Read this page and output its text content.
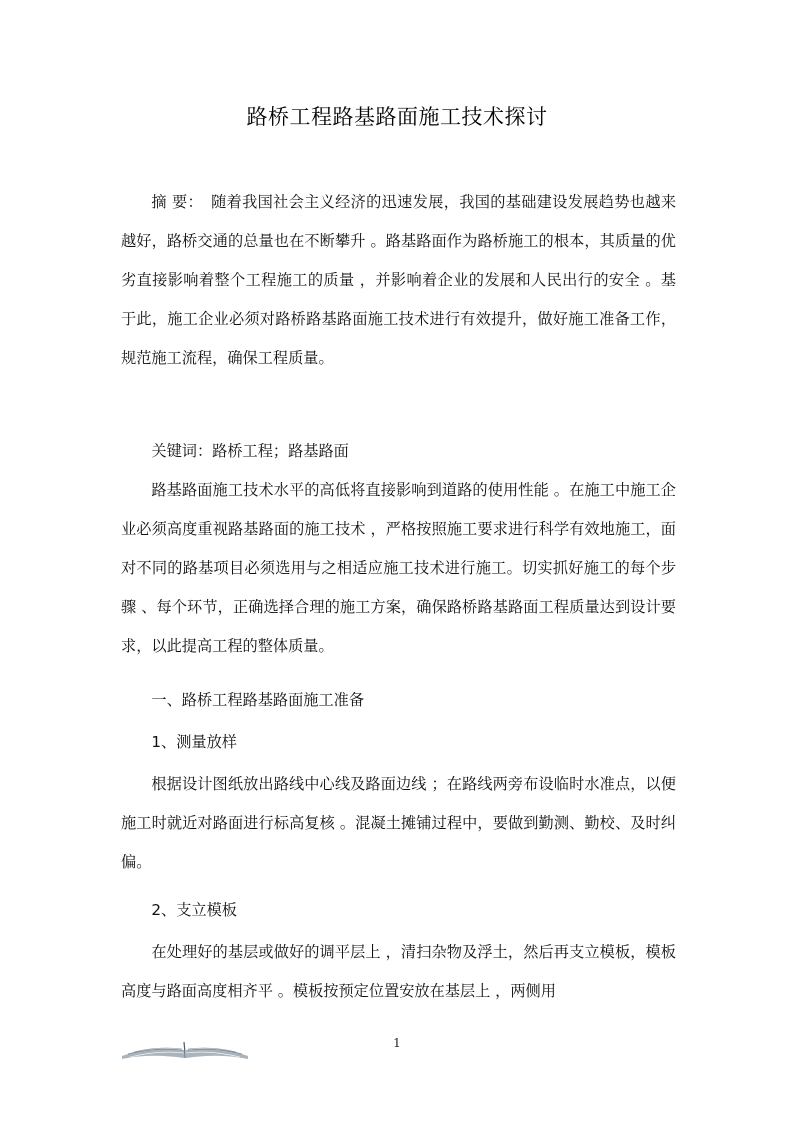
路桥工程路基路面施工技术探讨

摘 要： 随着我国社会主义经济的迅速发展，我国的基础建设发展趋势也越来越好，路桥交通的总量也在不断攀升 。路基路面作为路桥施工的根本，其质量的优劣直接影响着整个工程施工的质量 ，并影响着企业的发展和人民出行的安全 。基于此，施工企业必须对路桥路基路面施工技术进行有效提升，做好施工准备工作，规范施工流程，确保工程质量。

关键词：路桥工程；路基路面

路基路面施工技术水平的高低将直接影响到道路的使用性能 。在施工中施工企业必须高度重视路基路面的施工技术 ，严格按照施工要求进行科学有效地施工，面对不同的路基项目必须选用与之相适应施工技术进行施工。切实抓好施工的每个步骤 、每个环节，正确选择合理的施工方案，确保路桥路基路面工程质量达到设计要求，以此提高工程的整体质量。

一、路桥工程路基路面施工准备

1、测量放样

根据设计图纸放出路线中心线及路面边线 ；在路线两旁布设临时水准点，以便施工时就近对路面进行标高复核 。混凝土摊铺过程中，要做到勤测、勤校、及时纠偏。

2、支立模板

在处理好的基层或做好的调平层上 ，清扫杂物及浮土，然后再支立模板，模板高度与路面高度相齐平 。模板按预定位置安放在基层上 ，两侧用

1
